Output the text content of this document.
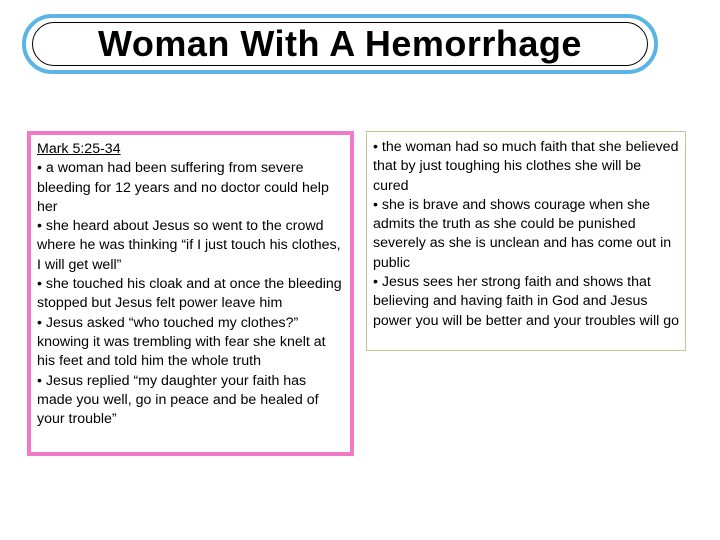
Woman With A Hemorrhage

Mark 5:25-34

• a woman had been suffering from severe bleeding for 12 years and no doctor could help her

• she heard about Jesus so went to the crowd where he was thinking “if I just touch his clothes, I will get well”

• she touched his cloak and at once the bleeding stopped but Jesus felt power leave him

• Jesus asked “who touched my clothes?” knowing it was trembling with fear she knelt at his feet and told him the whole truth

• Jesus replied “my daughter your faith has made you well, go in peace and be healed of your trouble”

• the woman had so much faith that she believed that by just toughing his clothes she will be cured

• she is brave and shows courage when she admits the truth as she could be punished severely as she is unclean and has come out in public

• Jesus sees her strong faith and shows that believing and having faith in God and Jesus power you will be better and your troubles will go
